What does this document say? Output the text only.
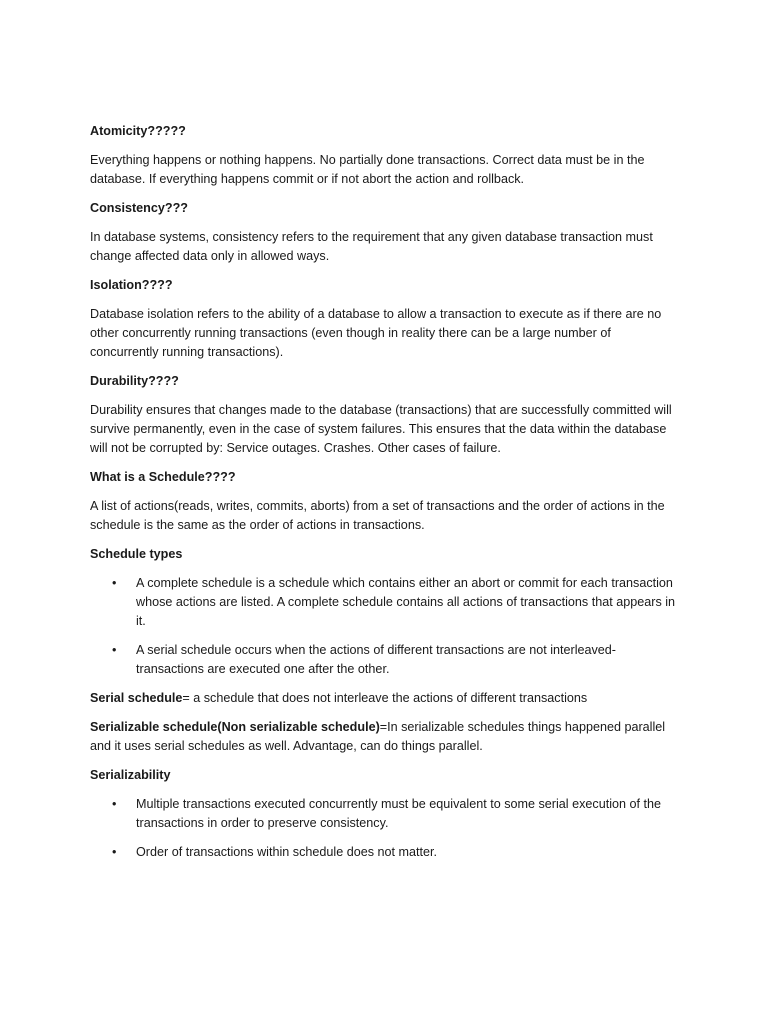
Atomicity?????

Everything happens or nothing happens. No partially done transactions. Correct data must be in the database. If everything happens commit or if not abort the action and rollback.

Consistency???

In database systems, consistency refers to the requirement that any given database transaction must change affected data only in allowed ways.

Isolation????

Database isolation refers to the ability of a database to allow a transaction to execute as if there are no other concurrently running transactions (even though in reality there can be a large number of concurrently running transactions).

Durability????

Durability ensures that changes made to the database (transactions) that are successfully committed will survive permanently, even in the case of system failures. This ensures that the data within the database will not be corrupted by: Service outages. Crashes. Other cases of failure.

What is a Schedule????

A list of actions(reads, writes, commits, aborts) from a set of transactions and the order of actions in the schedule is the same as the order of actions in transactions.

Schedule types

• A complete schedule is a schedule which contains either an abort or commit for each transaction whose actions are listed. A complete schedule contains all actions of transactions that appears in it.
• A serial schedule occurs when the actions of different transactions are not interleaved- transactions are executed one after the other.

Serial schedule= a schedule that does not interleave the actions of different transactions

Serializable schedule(Non serializable schedule)=In serializable schedules things happened parallel and it uses serial schedules as well. Advantage, can do things parallel.

Serializability

• Multiple transactions executed concurrently must be equivalent to some serial execution of the transactions in order to preserve consistency.
• Order of transactions within schedule does not matter.
